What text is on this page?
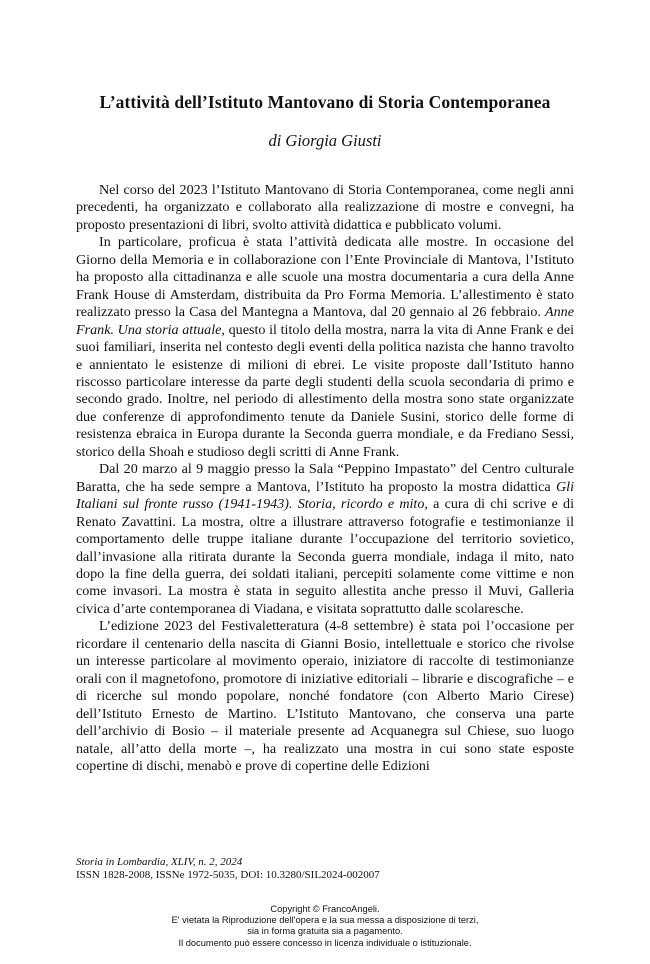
L’attività dell’Istituto Mantovano di Storia Contemporanea
di Giorgia Giusti

Nel corso del 2023 l’Istituto Mantovano di Storia Contemporanea, come negli anni precedenti, ha organizzato e collaborato alla realizzazione di mostre e convegni, ha proposto presentazioni di libri, svolto attività didattica e pubblicato volumi.

In particolare, proficua è stata l’attività dedicata alle mostre. In occasione del Giorno della Memoria e in collaborazione con l’Ente Provinciale di Mantova, l’Istituto ha proposto alla cittadinanza e alle scuole una mostra documentaria a cura della Anne Frank House di Amsterdam, distribuita da Pro Forma Memoria. L’allestimento è stato realizzato presso la Casa del Mantegna a Mantova, dal 20 gennaio al 26 febbraio. Anne Frank. Una storia attuale, questo il titolo della mostra, narra la vita di Anne Frank e dei suoi familiari, inserita nel contesto degli eventi della politica nazista che hanno travolto e annientato le esistenze di milioni di ebrei. Le visite proposte dall’Istituto hanno riscosso particolare interesse da parte degli studenti della scuola secondaria di primo e secondo grado. Inoltre, nel periodo di allestimento della mostra sono state organizzate due conferenze di approfondimento tenute da Daniele Susini, storico delle forme di resistenza ebraica in Europa durante la Seconda guerra mondiale, e da Frediano Sessi, storico della Shoah e studioso degli scritti di Anne Frank.

Dal 20 marzo al 9 maggio presso la Sala “Peppino Impastato” del Centro culturale Baratta, che ha sede sempre a Mantova, l’Istituto ha proposto la mostra didattica Gli Italiani sul fronte russo (1941-1943). Storia, ricordo e mito, a cura di chi scrive e di Renato Zavattini. La mostra, oltre a illustrare attraverso fotografie e testimonianze il comportamento delle truppe italiane durante l’occupazione del territorio sovietico, dall’invasione alla ritirata durante la Seconda guerra mondiale, indaga il mito, nato dopo la fine della guerra, dei soldati italiani, percepiti solamente come vittime e non come invasori. La mostra è stata in seguito allestita anche presso il Muvi, Galleria civica d’arte contemporanea di Viadana, e visitata soprattutto dalle scolaresche.

L’edizione 2023 del Festivaletteratura (4-8 settembre) è stata poi l’occasione per ricordare il centenario della nascita di Gianni Bosio, intellettuale e storico che rivolse un interesse particolare al movimento operaio, iniziatore di raccolte di testimonianze orali con il magnetofono, promotore di iniziative editoriali – librarie e discografiche – e di ricerche sul mondo popolare, nonché fondatore (con Alberto Mario Cirese) dell’Istituto Ernesto de Martino. L’Istituto Mantovano, che conserva una parte dell’archivio di Bosio – il materiale presente ad Acquanegra sul Chiese, suo luogo natale, all’atto della morte –, ha realizzato una mostra in cui sono state esposte copertine di dischi, menabò e prove di copertine delle Edizioni

Storia in Lombardia, XLIV, n. 2, 2024
ISSN 1828-2008, ISSNe 1972-5035, DOI: 10.3280/SIL2024-002007
Copyright © FrancoAngeli.
E' vietata la Riproduzione dell'opera e la sua messa a disposizione di terzi,
sia in forma gratuita sia a pagamento.
Il documento può essere concesso in licenza individuale o istituzionale.
